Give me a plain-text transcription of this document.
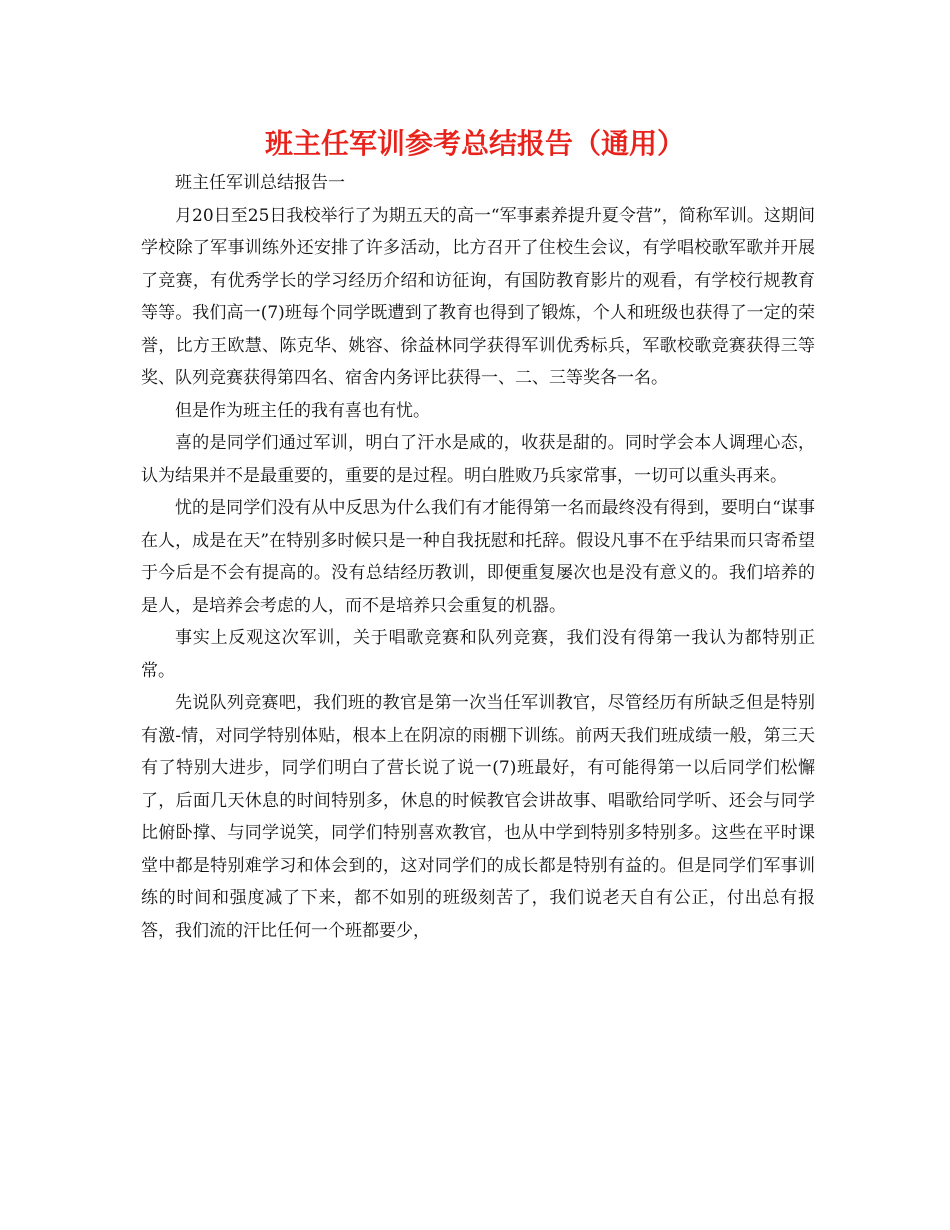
班主任军训参考总结报告（通用）

班主任军训总结报告一

月20日至25日我校举行了为期五天的高一“军事素养提升夏令营”，简称军训。这期间学校除了军事训练外还安排了许多活动，比方召开了住校生会议，有学唱校歌军歌并开展了竞赛，有优秀学长的学习经历介绍和访征询，有国防教育影片的观看，有学校行规教育等等。我们高一(7)班每个同学既遭到了教育也得到了锻炼，个人和班级也获得了一定的荣誉，比方王欧慧、陈克华、姚容、徐益林同学获得军训优秀标兵，军歌校歌竞赛获得三等奖、队列竞赛获得第四名、宿舍内务评比获得一、二、三等奖各一名。

但是作为班主任的我有喜也有忧。

喜的是同学们通过军训，明白了汗水是咸的，收获是甜的。同时学会本人调理心态，认为结果并不是最重要的，重要的是过程。明白胜败乃兵家常事，一切可以重头再来。

忧的是同学们没有从中反思为什么我们有才能得第一名而最终没有得到，要明白“谋事在人，成是在天”在特别多时候只是一种自我抚慰和托辞。假设凡事不在乎结果而只寄希望于今后是不会有提高的。没有总结经历教训，即便重复屡次也是没有意义的。我们培养的是人，是培养会考虑的人，而不是培养只会重复的机器。

事实上反观这次军训，关于唱歌竞赛和队列竞赛，我们没有得第一我认为都特别正常。

先说队列竞赛吧，我们班的教官是第一次当任军训教官，尽管经历有所缺乏但是特别有激-情，对同学特别体贴，根本上在阴凉的雨棚下训练。前两天我们班成绩一般，第三天有了特别大进步，同学们明白了营长说了说一(7)班最好，有可能得第一以后同学们松懈了，后面几天休息的时间特别多，休息的时候教官会讲故事、唱歌给同学听、还会与同学比俯卧撑、与同学说笑，同学们特别喜欢教官，也从中学到特别多特别多。这些在平时课堂中都是特别难学习和体会到的，这对同学们的成长都是特别有益的。但是同学们军事训练的时间和强度减了下来，都不如别的班级刻苦了，我们说老天自有公正，付出总有报答，我们流的汗比任何一个班都要少，
